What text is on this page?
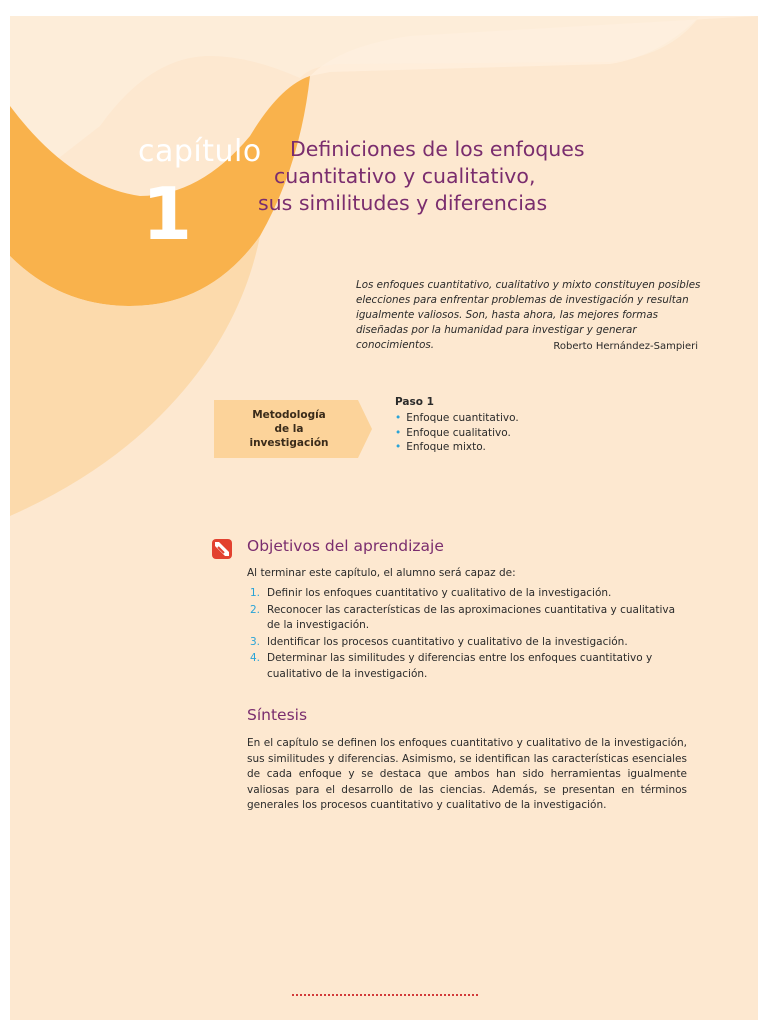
capítulo
1
Definiciones de los enfoques
cuantitativo y cualitativo,
sus similitudes y diferencias
Los enfoques cuantitativo, cualitativo y mixto constituyen posibles elecciones para enfrentar problemas de investigación y resultan igualmente valiosos. Son, hasta ahora, las mejores formas diseñadas por la humanidad para investigar y generar conocimientos.	Roberto Hernández-Sampieri
Metodología
de la
investigación
Paso 1
• Enfoque cuantitativo.
• Enfoque cualitativo.
• Enfoque mixto.
Objetivos del aprendizaje
Al terminar este capítulo, el alumno será capaz de:
1. Definir los enfoques cuantitativo y cualitativo de la investigación.
2. Reconocer las características de las aproximaciones cuantitativa y cualitativa de la investigación.
3. Identificar los procesos cuantitativo y cualitativo de la investigación.
4. Determinar las similitudes y diferencias entre los enfoques cuantitativo y cualitativo de la investigación.
Síntesis
En el capítulo se definen los enfoques cuantitativo y cualitativo de la investigación, sus similitudes y diferencias. Asimismo, se identifican las características esenciales de cada enfoque y se destaca que ambos han sido herramientas igualmente valiosas para el desarrollo de las ciencias. Además, se presentan en términos generales los procesos cuantitativo y cualitativo de la investigación.
